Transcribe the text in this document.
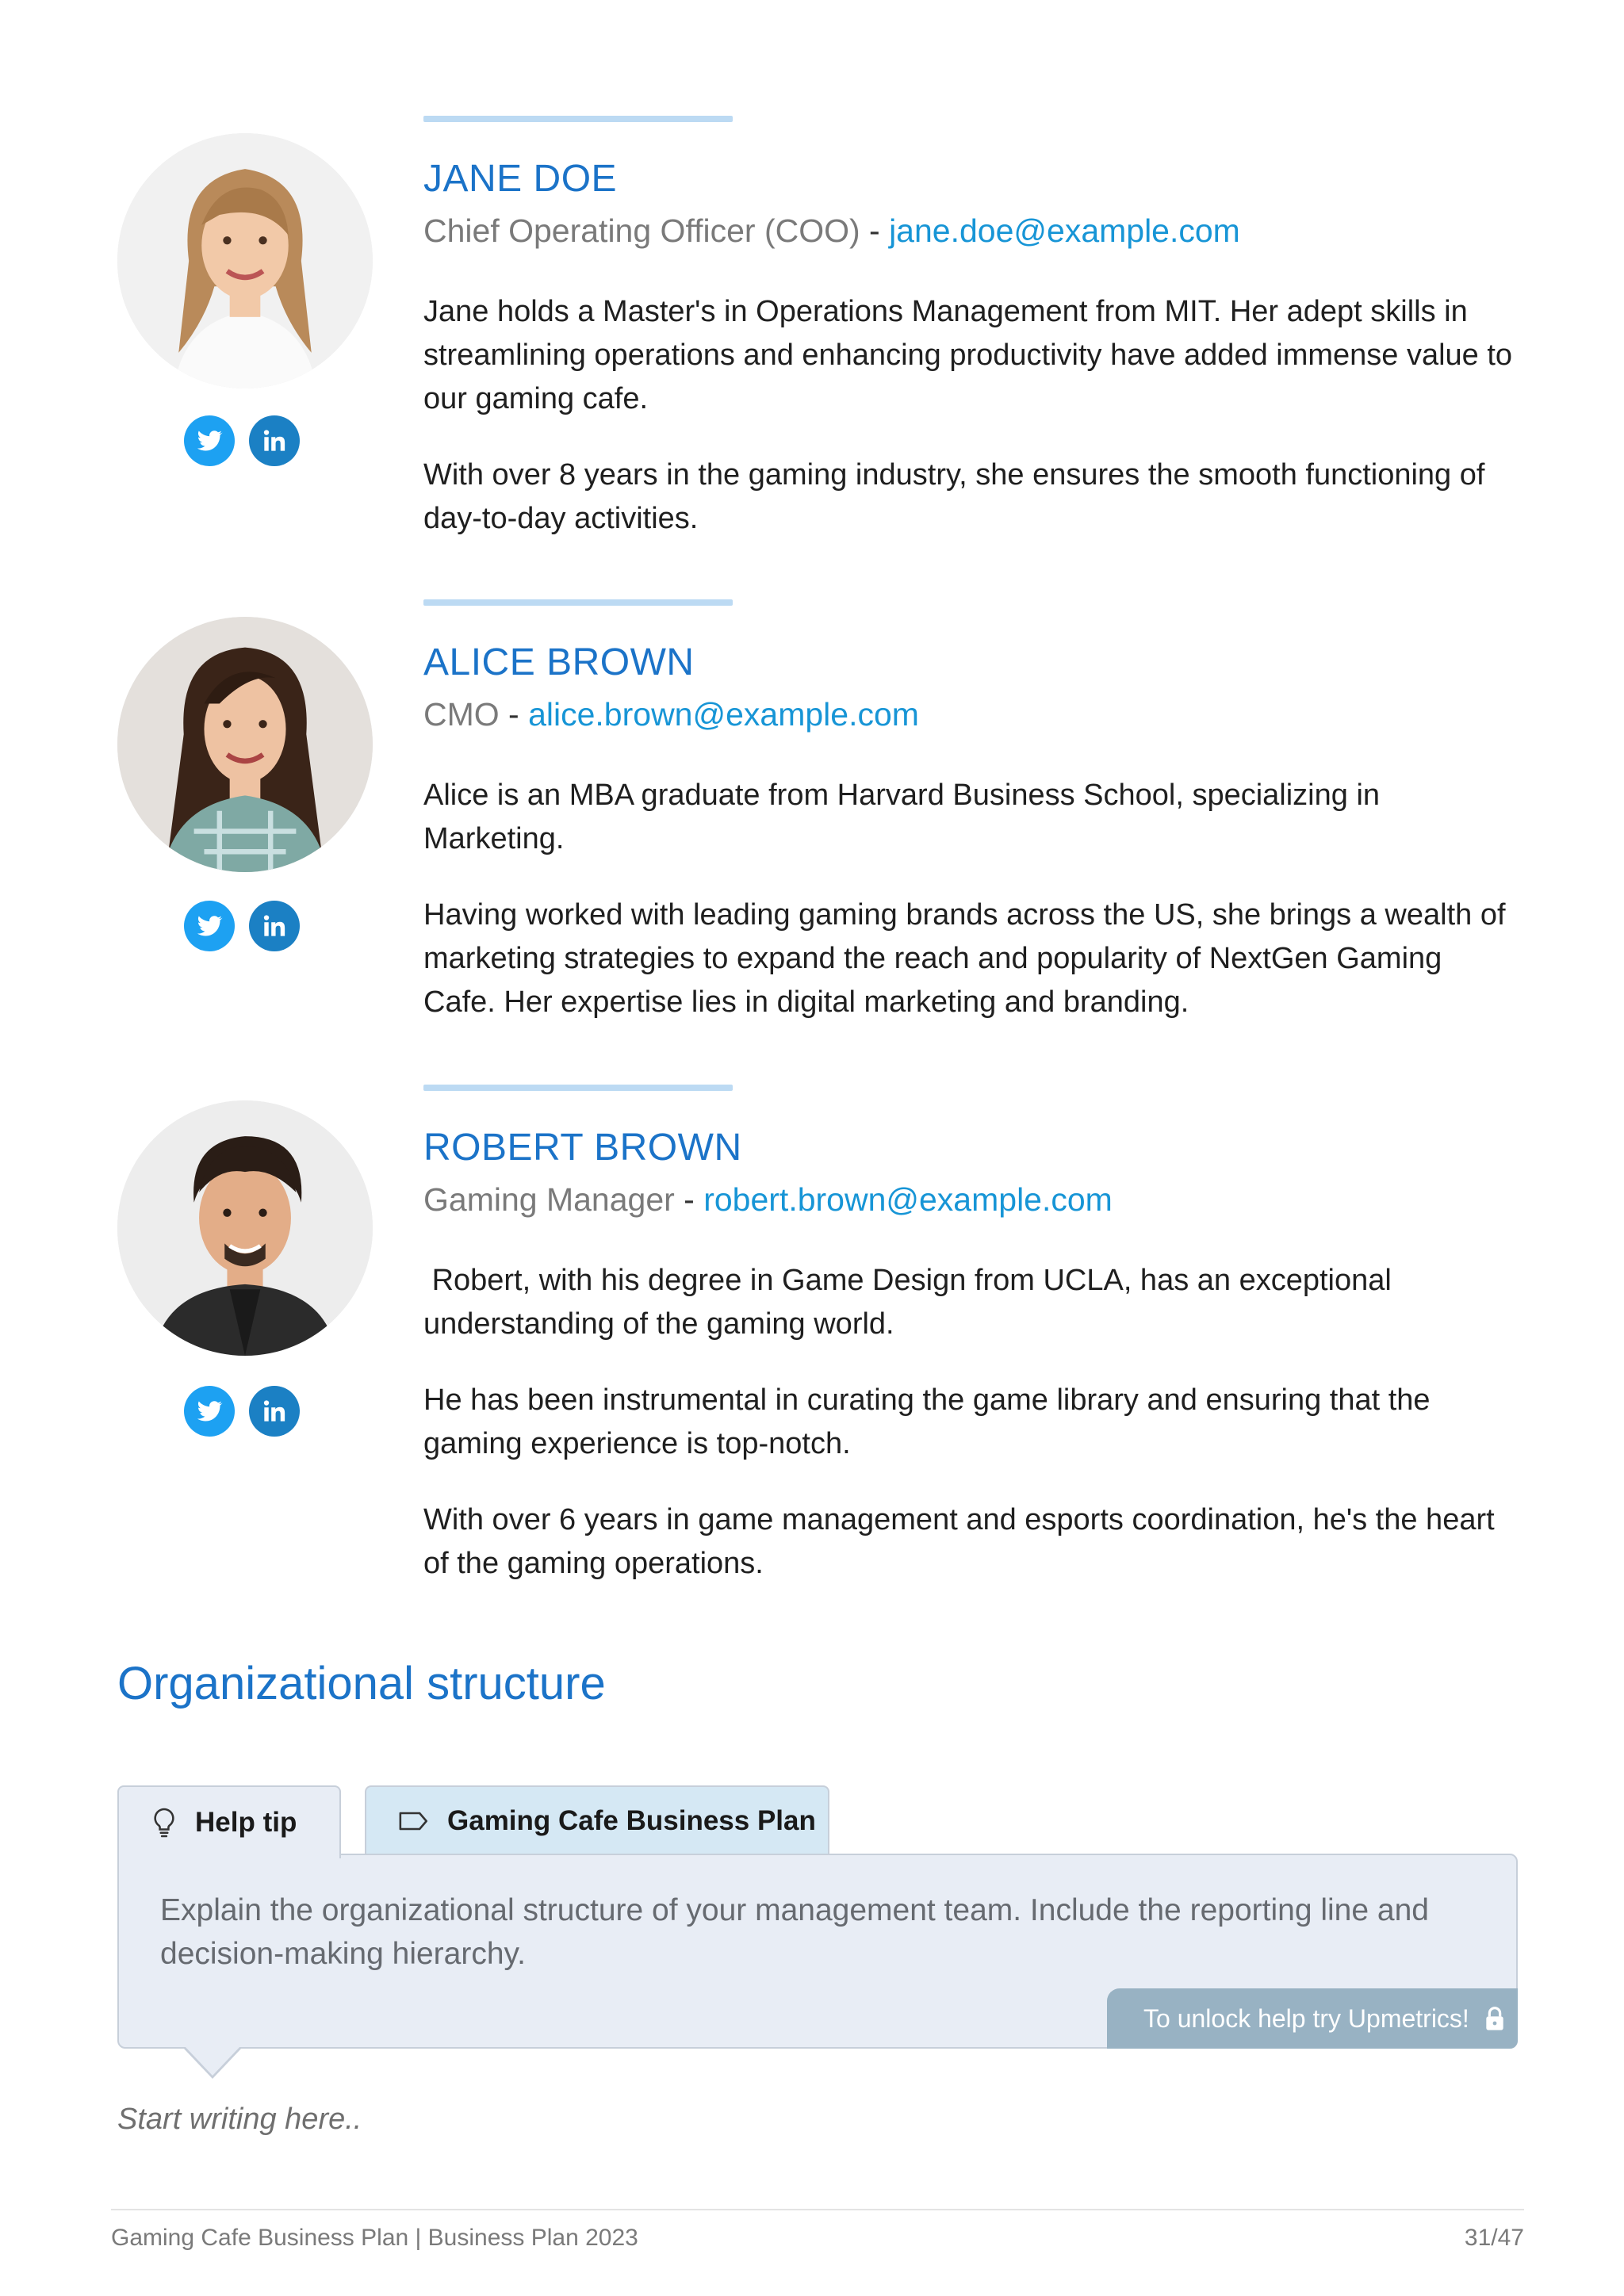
JANE DOE
Chief Operating Officer (COO) - jane.doe@example.com

Jane holds a Master's in Operations Management from MIT. Her adept skills in streamlining operations and enhancing productivity have added immense value to our gaming cafe.

With over 8 years in the gaming industry, she ensures the smooth functioning of day-to-day activities.

ALICE BROWN
CMO - alice.brown@example.com

Alice is an MBA graduate from Harvard Business School, specializing in Marketing.

Having worked with leading gaming brands across the US, she brings a wealth of marketing strategies to expand the reach and popularity of NextGen Gaming Cafe. Her expertise lies in digital marketing and branding.

ROBERT BROWN
Gaming Manager - robert.brown@example.com

Robert, with his degree in Game Design from UCLA, has an exceptional understanding of the gaming world.

He has been instrumental in curating the game library and ensuring that the gaming experience is top-notch.

With over 6 years in game management and esports coordination, he's the heart of the gaming operations.

Organizational structure
Help tip	Gaming Cafe Business Plan
Explain the organizational structure of your management team. Include the reporting line and decision-making hierarchy.
To unlock help try Upmetrics!
Start writing here..
Gaming Cafe Business Plan | Business Plan 2023	31/47
